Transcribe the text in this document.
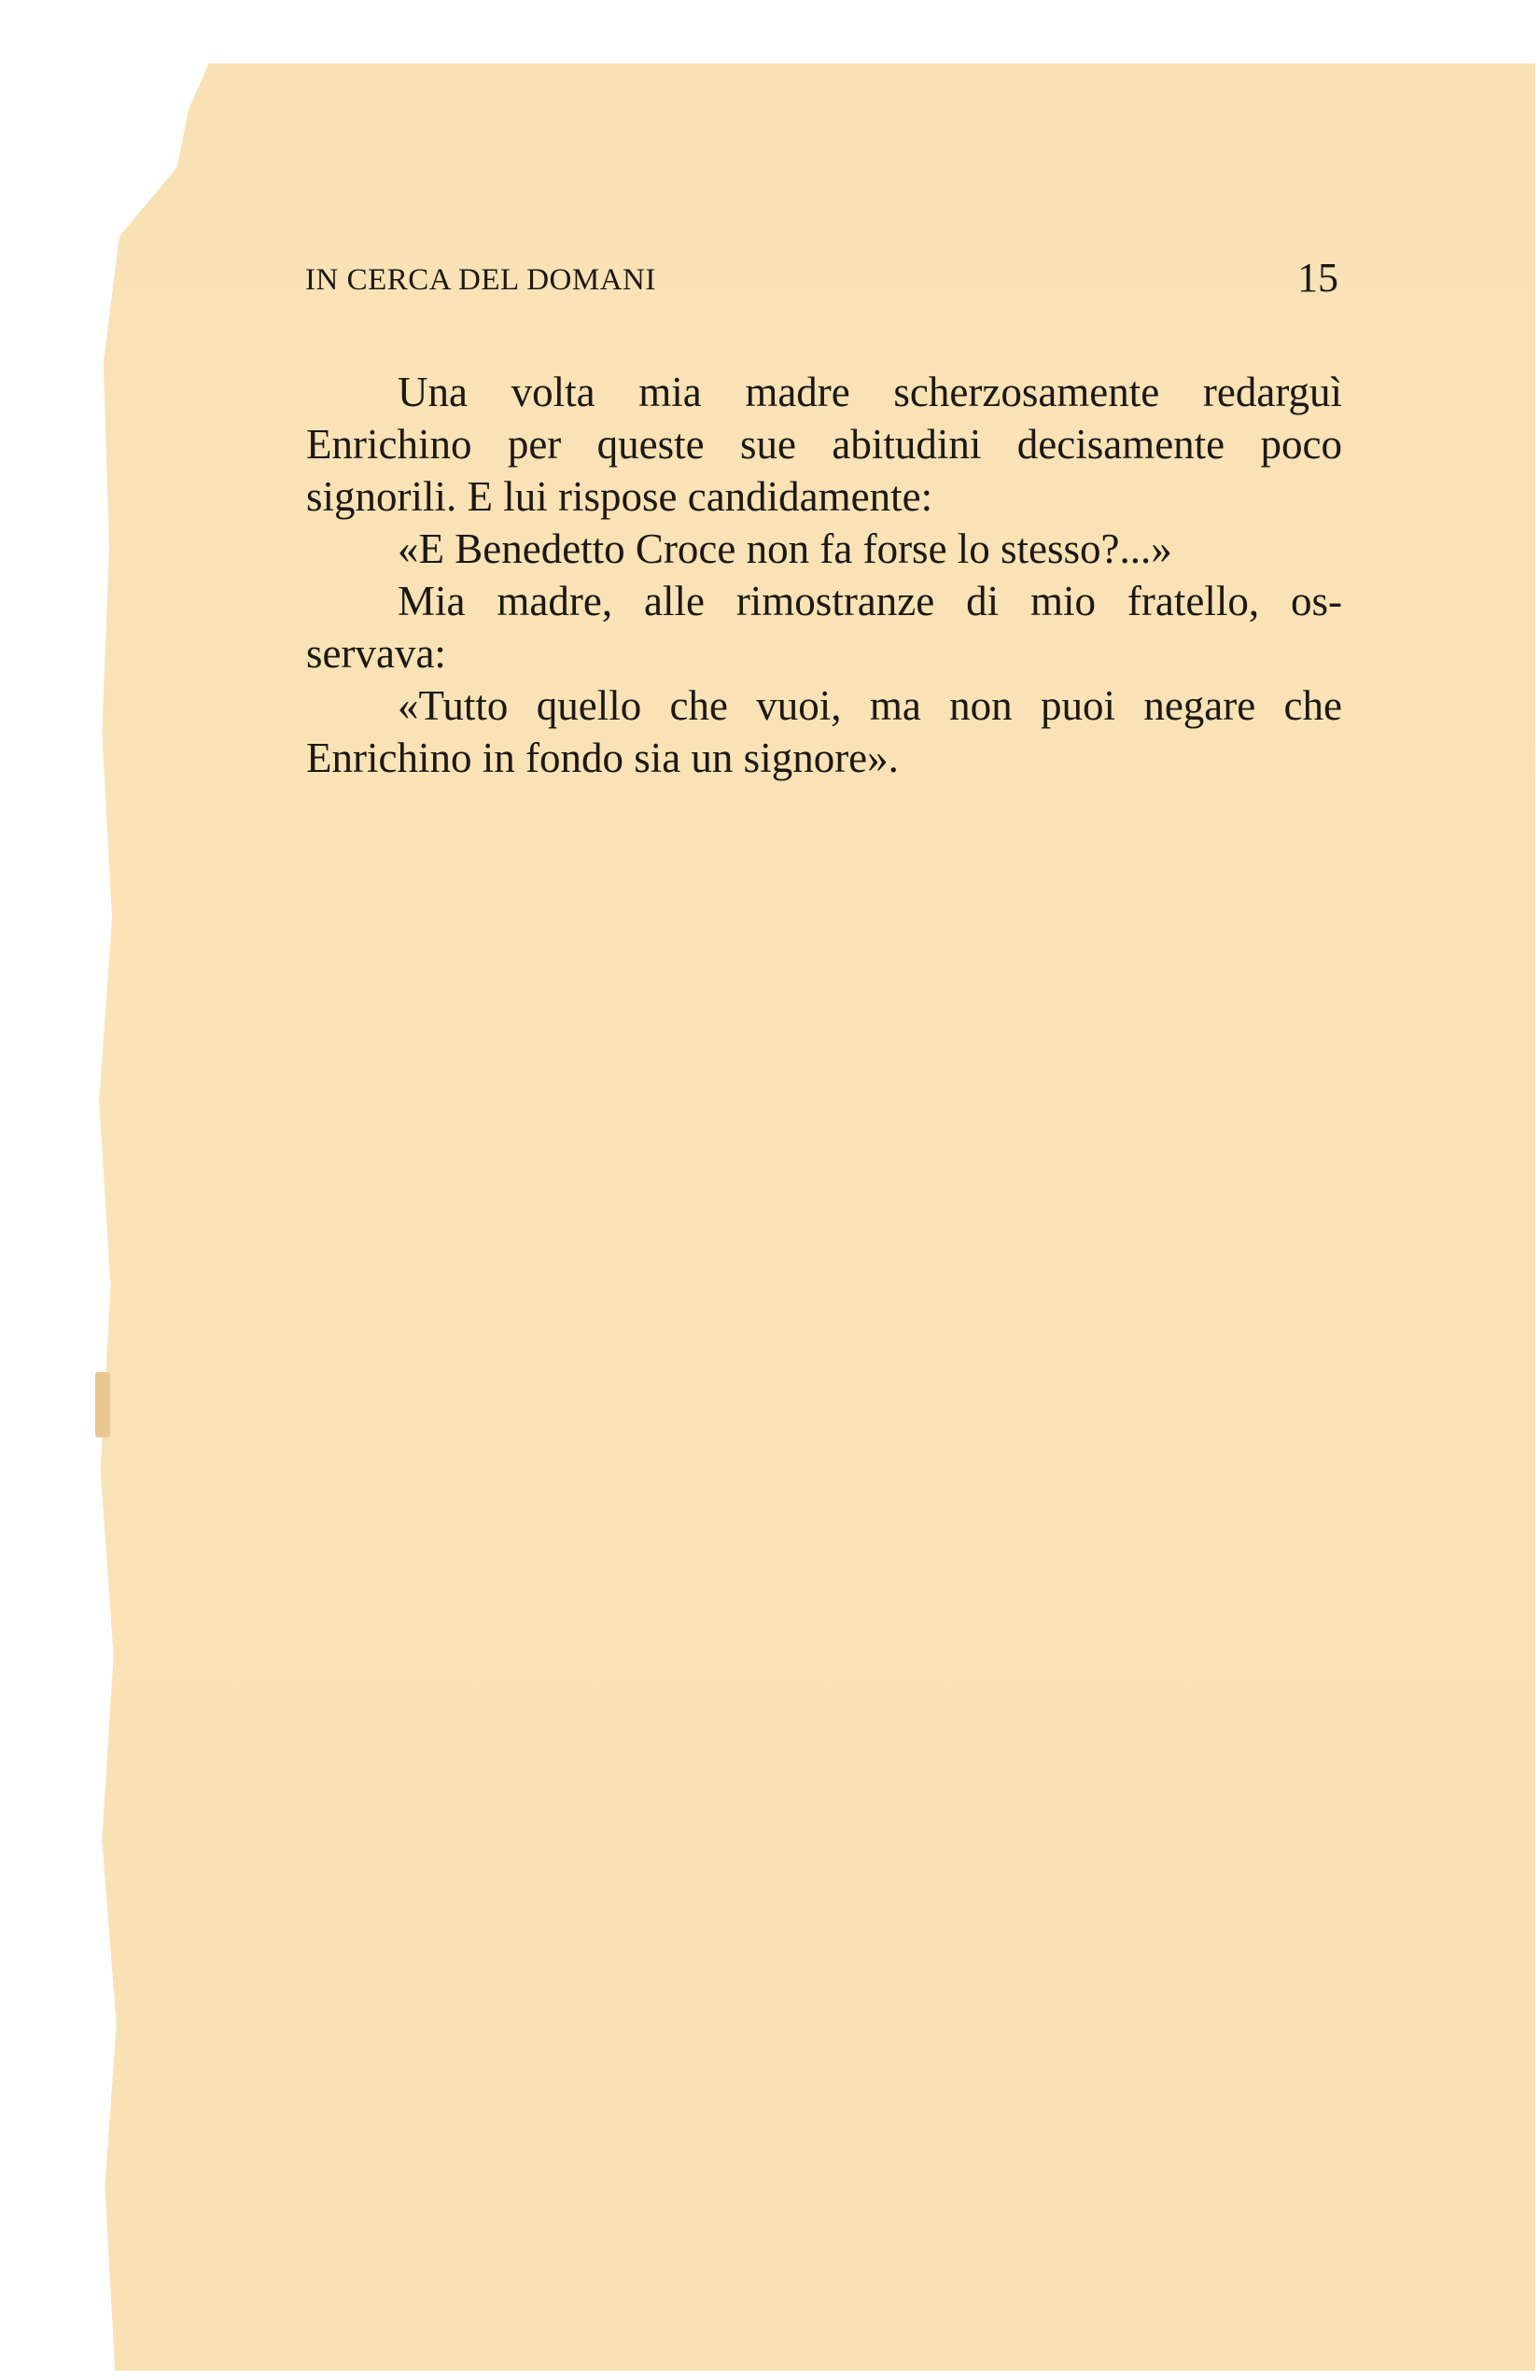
IN CERCA DEL DOMANI	15
Una volta mia madre scherzosamente redarguì
Enrichino per queste sue abitudini decisamente poco
signorili. E lui rispose candidamente:
«E Benedetto Croce non fa forse lo stesso?...»
Mia madre, alle rimostranze di mio fratello, os-
servava:
«Tutto quello che vuoi, ma non puoi negare che
Enrichino in fondo sia un signore».
